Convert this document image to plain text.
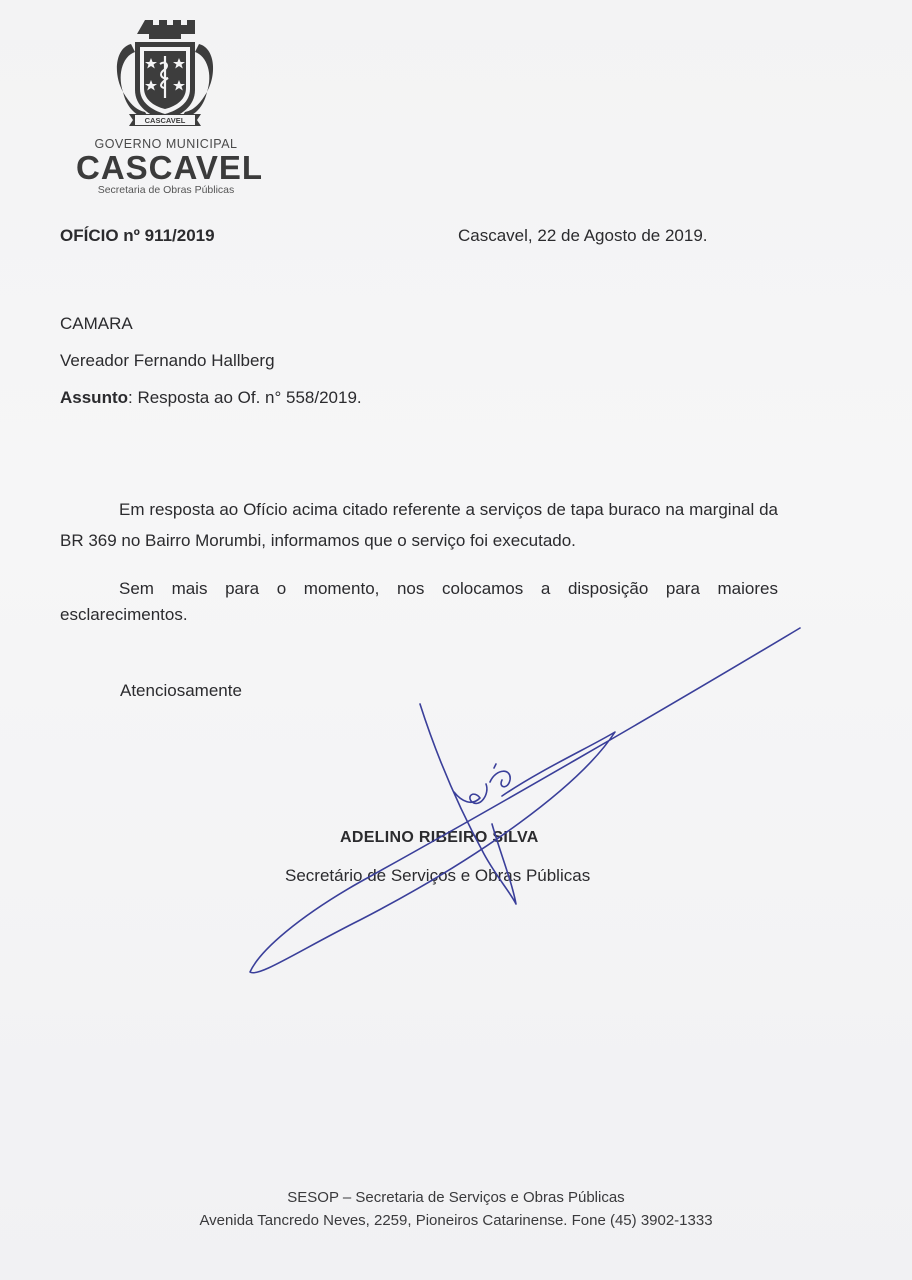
CASCAVEL
GOVERNO MUNICIPAL
CASCAVEL
Secretaria de Obras Públicas
OFÍCIO nº 911/2019	Cascavel, 22 de Agosto de 2019.
CAMARA
Vereador Fernando Hallberg
Assunto: Resposta ao Of. n° 558/2019.
Em resposta ao Ofício acima citado referente a serviços de tapa buraco na marginal da BR 369 no Bairro Morumbi, informamos que o serviço foi executado.
Sem mais para o momento, nos colocamos a disposição para maiores esclarecimentos.
Atenciosamente
ADELINO RIBEIRO SILVA
Secretário de Serviços e Obras Públicas
SESOP – Secretaria de Serviços e Obras Públicas
Avenida Tancredo Neves, 2259, Pioneiros Catarinense. Fone (45) 3902-1333
